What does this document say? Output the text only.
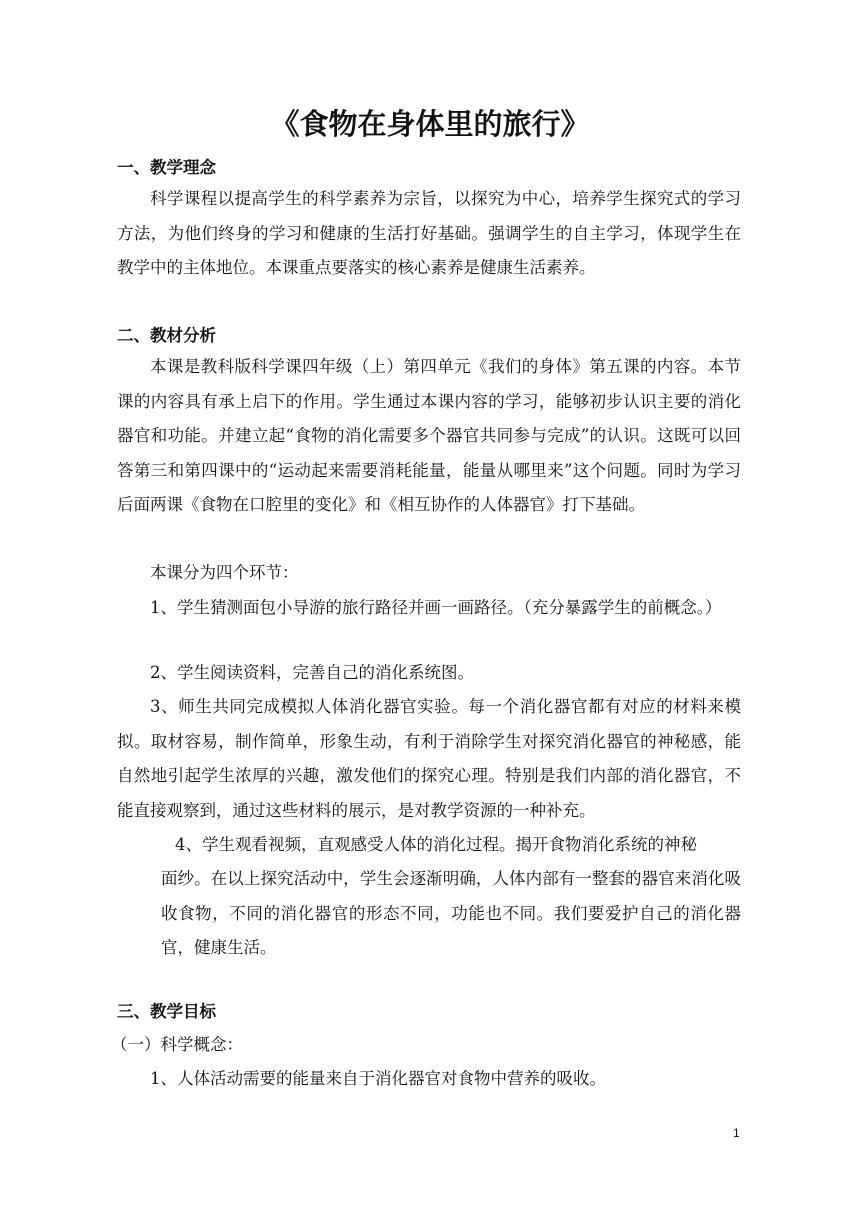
《食物在身体里的旅行》
一、教学理念

科学课程以提高学生的科学素养为宗旨，以探究为中心，培养学生探究式的学习方法，为他们终身的学习和健康的生活打好基础。强调学生的自主学习，体现学生在教学中的主体地位。本课重点要落实的核心素养是健康生活素养。

二、教材分析

本课是教科版科学课四年级（上）第四单元《我们的身体》第五课的内容。本节课的内容具有承上启下的作用。学生通过本课内容的学习，能够初步认识主要的消化器官和功能。并建立起“食物的消化需要多个器官共同参与完成”的认识。这既可以回答第三和第四课中的“运动起来需要消耗能量，能量从哪里来”这个问题。同时为学习后面两课《食物在口腔里的变化》和《相互协作的人体器官》打下基础。

本课分为四个环节：

1、学生猜测面包小导游的旅行路径并画一画路径。（充分暴露学生的前概念。）

2、学生阅读资料，完善自己的消化系统图。

3、师生共同完成模拟人体消化器官实验。每一个消化器官都有对应的材料来模拟。取材容易，制作简单，形象生动，有利于消除学生对探究消化器官的神秘感，能自然地引起学生浓厚的兴趣，激发他们的探究心理。特别是我们内部的消化器官，不能直接观察到，通过这些材料的展示，是对教学资源的一种补充。

4、学生观看视频，直观感受人体的消化过程。揭开食物消化系统的神秘

面纱。在以上探究活动中，学生会逐渐明确，人体内部有一整套的器官来消化吸收食物，不同的消化器官的形态不同，功能也不同。我们要爱护自己的消化器官，健康生活。

三、教学目标
（一）科学概念：

1、人体活动需要的能量来自于消化器官对食物中营养的吸收。

1
